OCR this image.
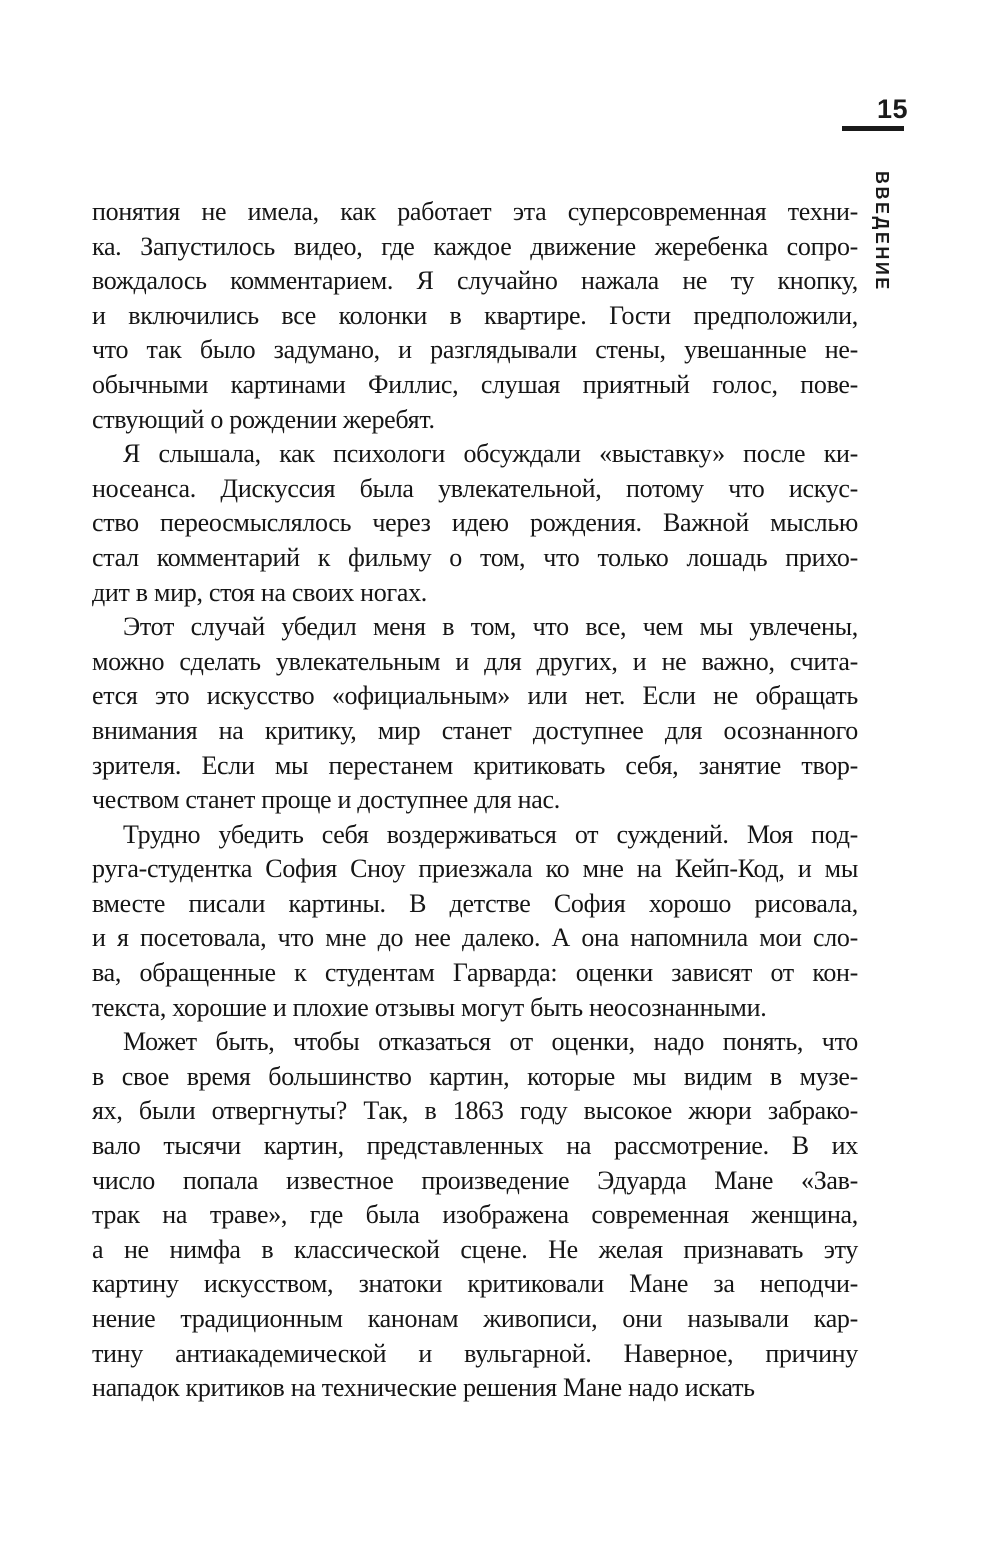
15
ВВЕДЕНИЕ
понятия не имела, как работает эта суперсовременная техни-
ка. Запустилось видео, где каждое движение жеребенка сопро-
вождалось комментарием. Я случайно нажала не ту кнопку,
и включились все колонки в квартире. Гости предположили,
что так было задумано, и разглядывали стены, увешанные не-
обычными картинами Филлис, слушая приятный голос, пове-
ствующий о рождении жеребят.
Я слышала, как психологи обсуждали «выставку» после ки-
носеанса. Дискуссия была увлекательной, потому что искус-
ство переосмыслялось через идею рождения. Важной мыслью
стал комментарий к фильму о том, что только лошадь прихо-
дит в мир, стоя на своих ногах.
Этот случай убедил меня в том, что все, чем мы увлечены,
можно сделать увлекательным и для других, и не важно, счита-
ется это искусство «официальным» или нет. Если не обращать
внимания на критику, мир станет доступнее для осознанного
зрителя. Если мы перестанем критиковать себя, занятие твор-
чеством станет проще и доступнее для нас.
Трудно убедить себя воздерживаться от суждений. Моя под-
руга-студентка София Сноу приезжала ко мне на Кейп-Код, и мы
вместе писали картины. В детстве София хорошо рисовала,
и я посетовала, что мне до нее далеко. А она напомнила мои сло-
ва, обращенные к студентам Гарварда: оценки зависят от кон-
текста, хорошие и плохие отзывы могут быть неосознанными.
Может быть, чтобы отказаться от оценки, надо понять, что
в свое время большинство картин, которые мы видим в музе-
ях, были отвергнуты? Так, в 1863 году высокое жюри забрако-
вало тысячи картин, представленных на рассмотрение. В их
число попала известное произведение Эдуарда Мане «Зав-
трак на траве», где была изображена современная женщина,
а не нимфа в классической сцене. Не желая признавать эту
картину искусством, знатоки критиковали Мане за неподчи-
нение традиционным канонам живописи, они называли кар-
тину антиакадемической и вульгарной. Наверное, причину
нападок критиков на технические решения Мане надо искать
